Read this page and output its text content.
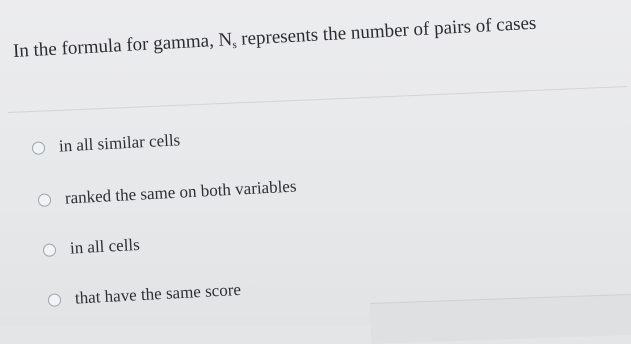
In the formula for gamma, $N_s$ represents the number of pairs of cases
in all similar cells
ranked the same on both variables
in all cells
that have the same score
